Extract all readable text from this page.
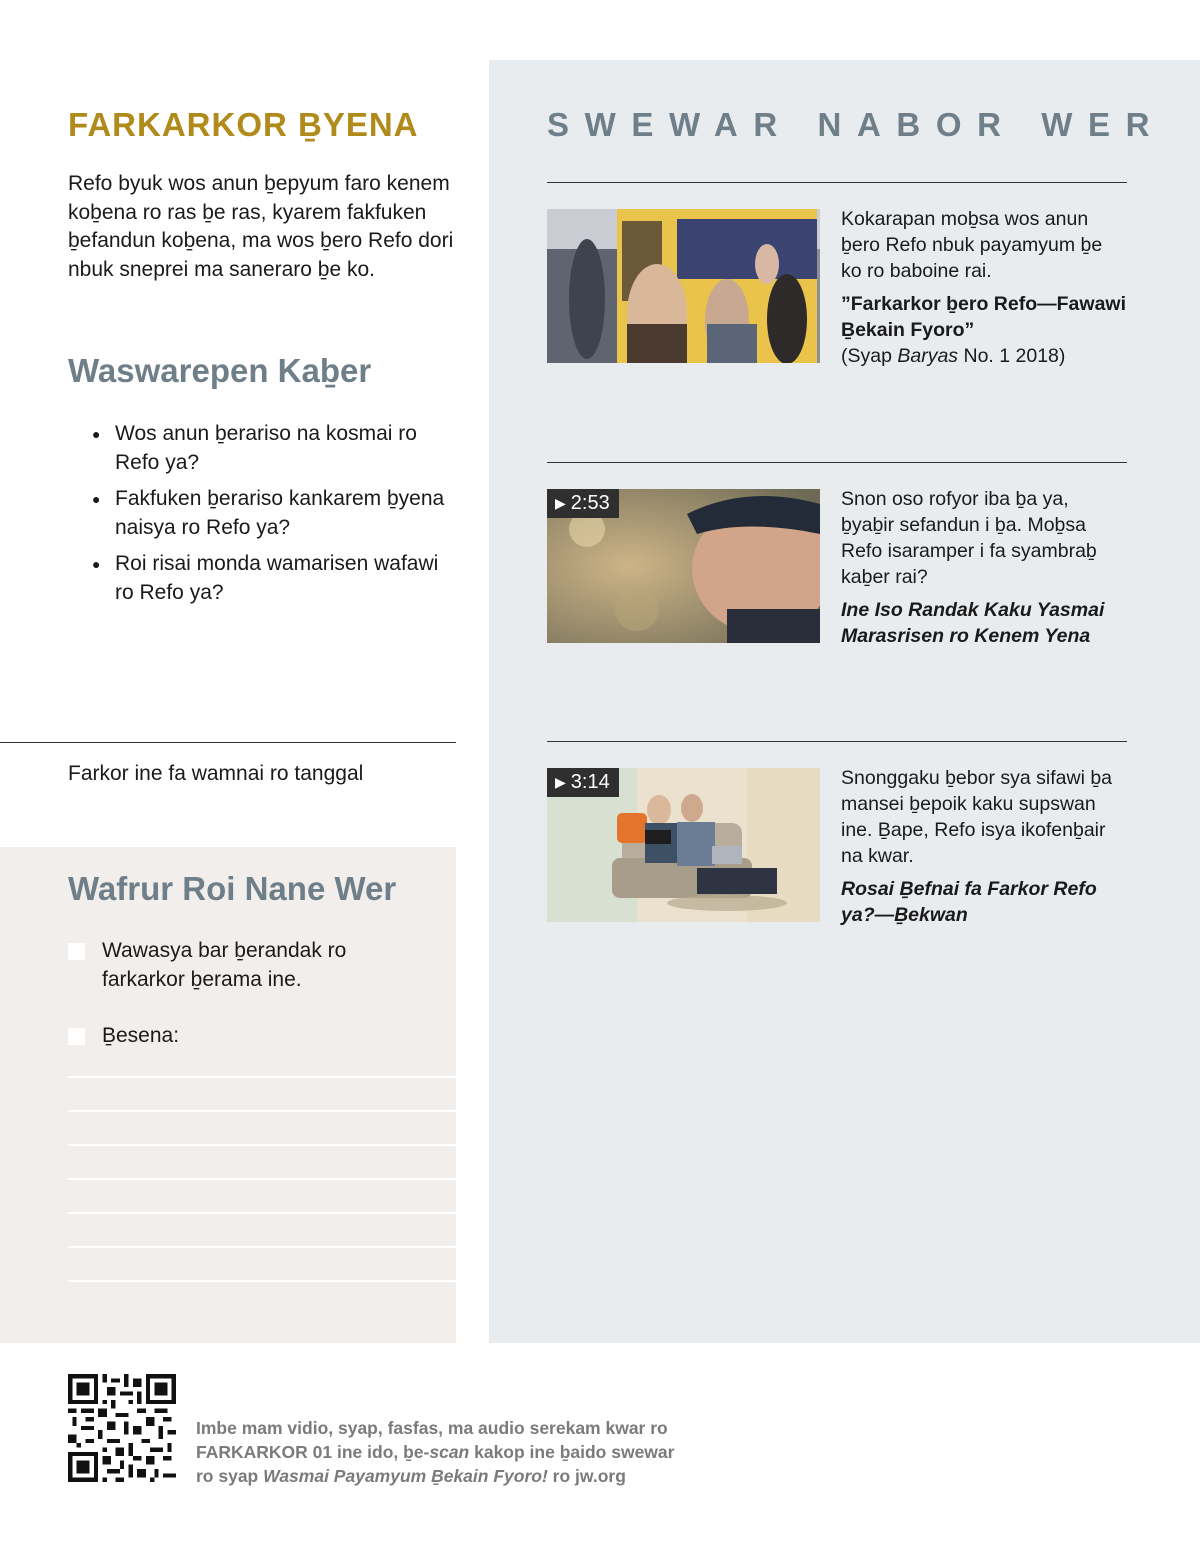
FARKARKOR ḆYENA
Refo byuk wos anun ḇepyum faro kenem koḇena ro ras ḇe ras, kyarem fakfuken ḇefandun koḇena, ma wos ḇero Refo dori nbuk sneprei ma saneraro ḇe ko.
Waswarepen Kaḇer
● Wos anun ḇerariso na kosmai ro Refo ya?
● Fakfuken ḇerariso kankarem ḇyena naisya ro Refo ya?
● Roi risai monda wamarisen wafawi ro Refo ya?
Farkor ine fa wamnai ro tanggal
Wafrur Roi Nane Wer
Wawasya bar ḇerandak ro farkarkor ḇerama ine.
Ḇesena:
SWEWAR NABOR WER
Kokarapan moḇsa wos anun ḇero Refo nbuk payamyum ḇe ko ro baboine rai.
”Farkarkor ḇero Refo—Fawawi Ḇekain Fyoro”
(Syap Baryas No. 1 2018)
▶ 2:53	Snon oso rofyor iba ḇa ya, ḇyaḇir sefandun i ḇa. Moḇsa Refo isaramper i fa syambraḇ kaḇer rai?
Ine Iso Randak Kaku Yasmai Marasrisen ro Kenem Yena
▶ 3:14	Snonggaku ḇebor sya sifawi ḇa mansei ḇepoik kaku supswan ine. Ḇape, Refo isya ikofenḇair na kwar.
Rosai Ḇefnai fa Farkor Refo ya?—Ḇekwan
Imbe mam vidio, syap, fasfas, ma audio serekam kwar ro
FARKARKOR 01 ine ido, ḇe-scan kakop ine ḇaido swewar
ro syap Wasmai Payamyum Ḇekain Fyoro! ro jw.org
